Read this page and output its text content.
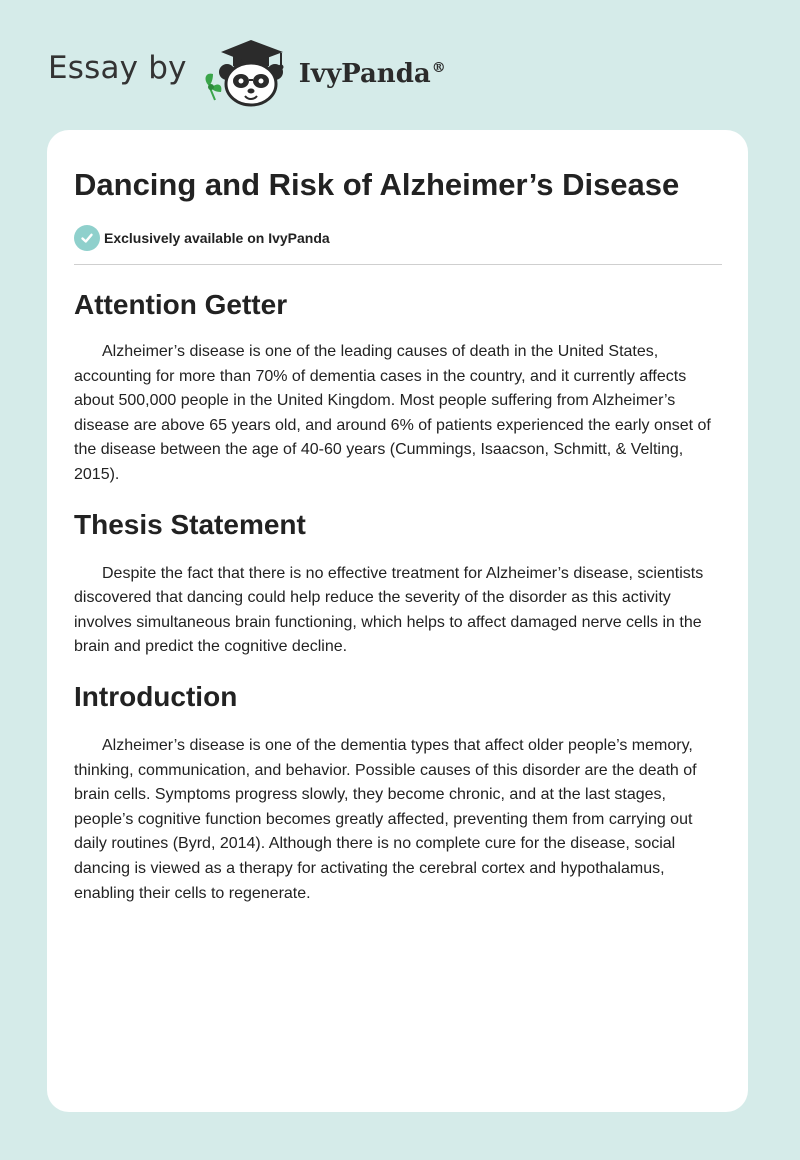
Essay by	IvyPanda®
Dancing and Risk of Alzheimer’s Disease
Exclusively available on IvyPanda
Attention Getter

Alzheimer’s disease is one of the leading causes of death in the United States, accounting for more than 70% of dementia cases in the country, and it currently affects about 500,000 people in the United Kingdom. Most people suffering from Alzheimer’s disease are above 65 years old, and around 6% of patients experienced the early onset of the disease between the age of 40-60 years (Cummings, Isaacson, Schmitt, & Velting, 2015).

Thesis Statement

Despite the fact that there is no effective treatment for Alzheimer’s disease, scientists discovered that dancing could help reduce the severity of the disorder as this activity involves simultaneous brain functioning, which helps to affect damaged nerve cells in the brain and predict the cognitive decline.

Introduction

Alzheimer’s disease is one of the dementia types that affect older people’s memory, thinking, communication, and behavior. Possible causes of this disorder are the death of brain cells. Symptoms progress slowly, they become chronic, and at the last stages, people’s cognitive function becomes greatly affected, preventing them from carrying out daily routines (Byrd, 2014). Although there is no complete cure for the disease, social dancing is viewed as a therapy for activating the cerebral cortex and hypothalamus, enabling their cells to regenerate.
